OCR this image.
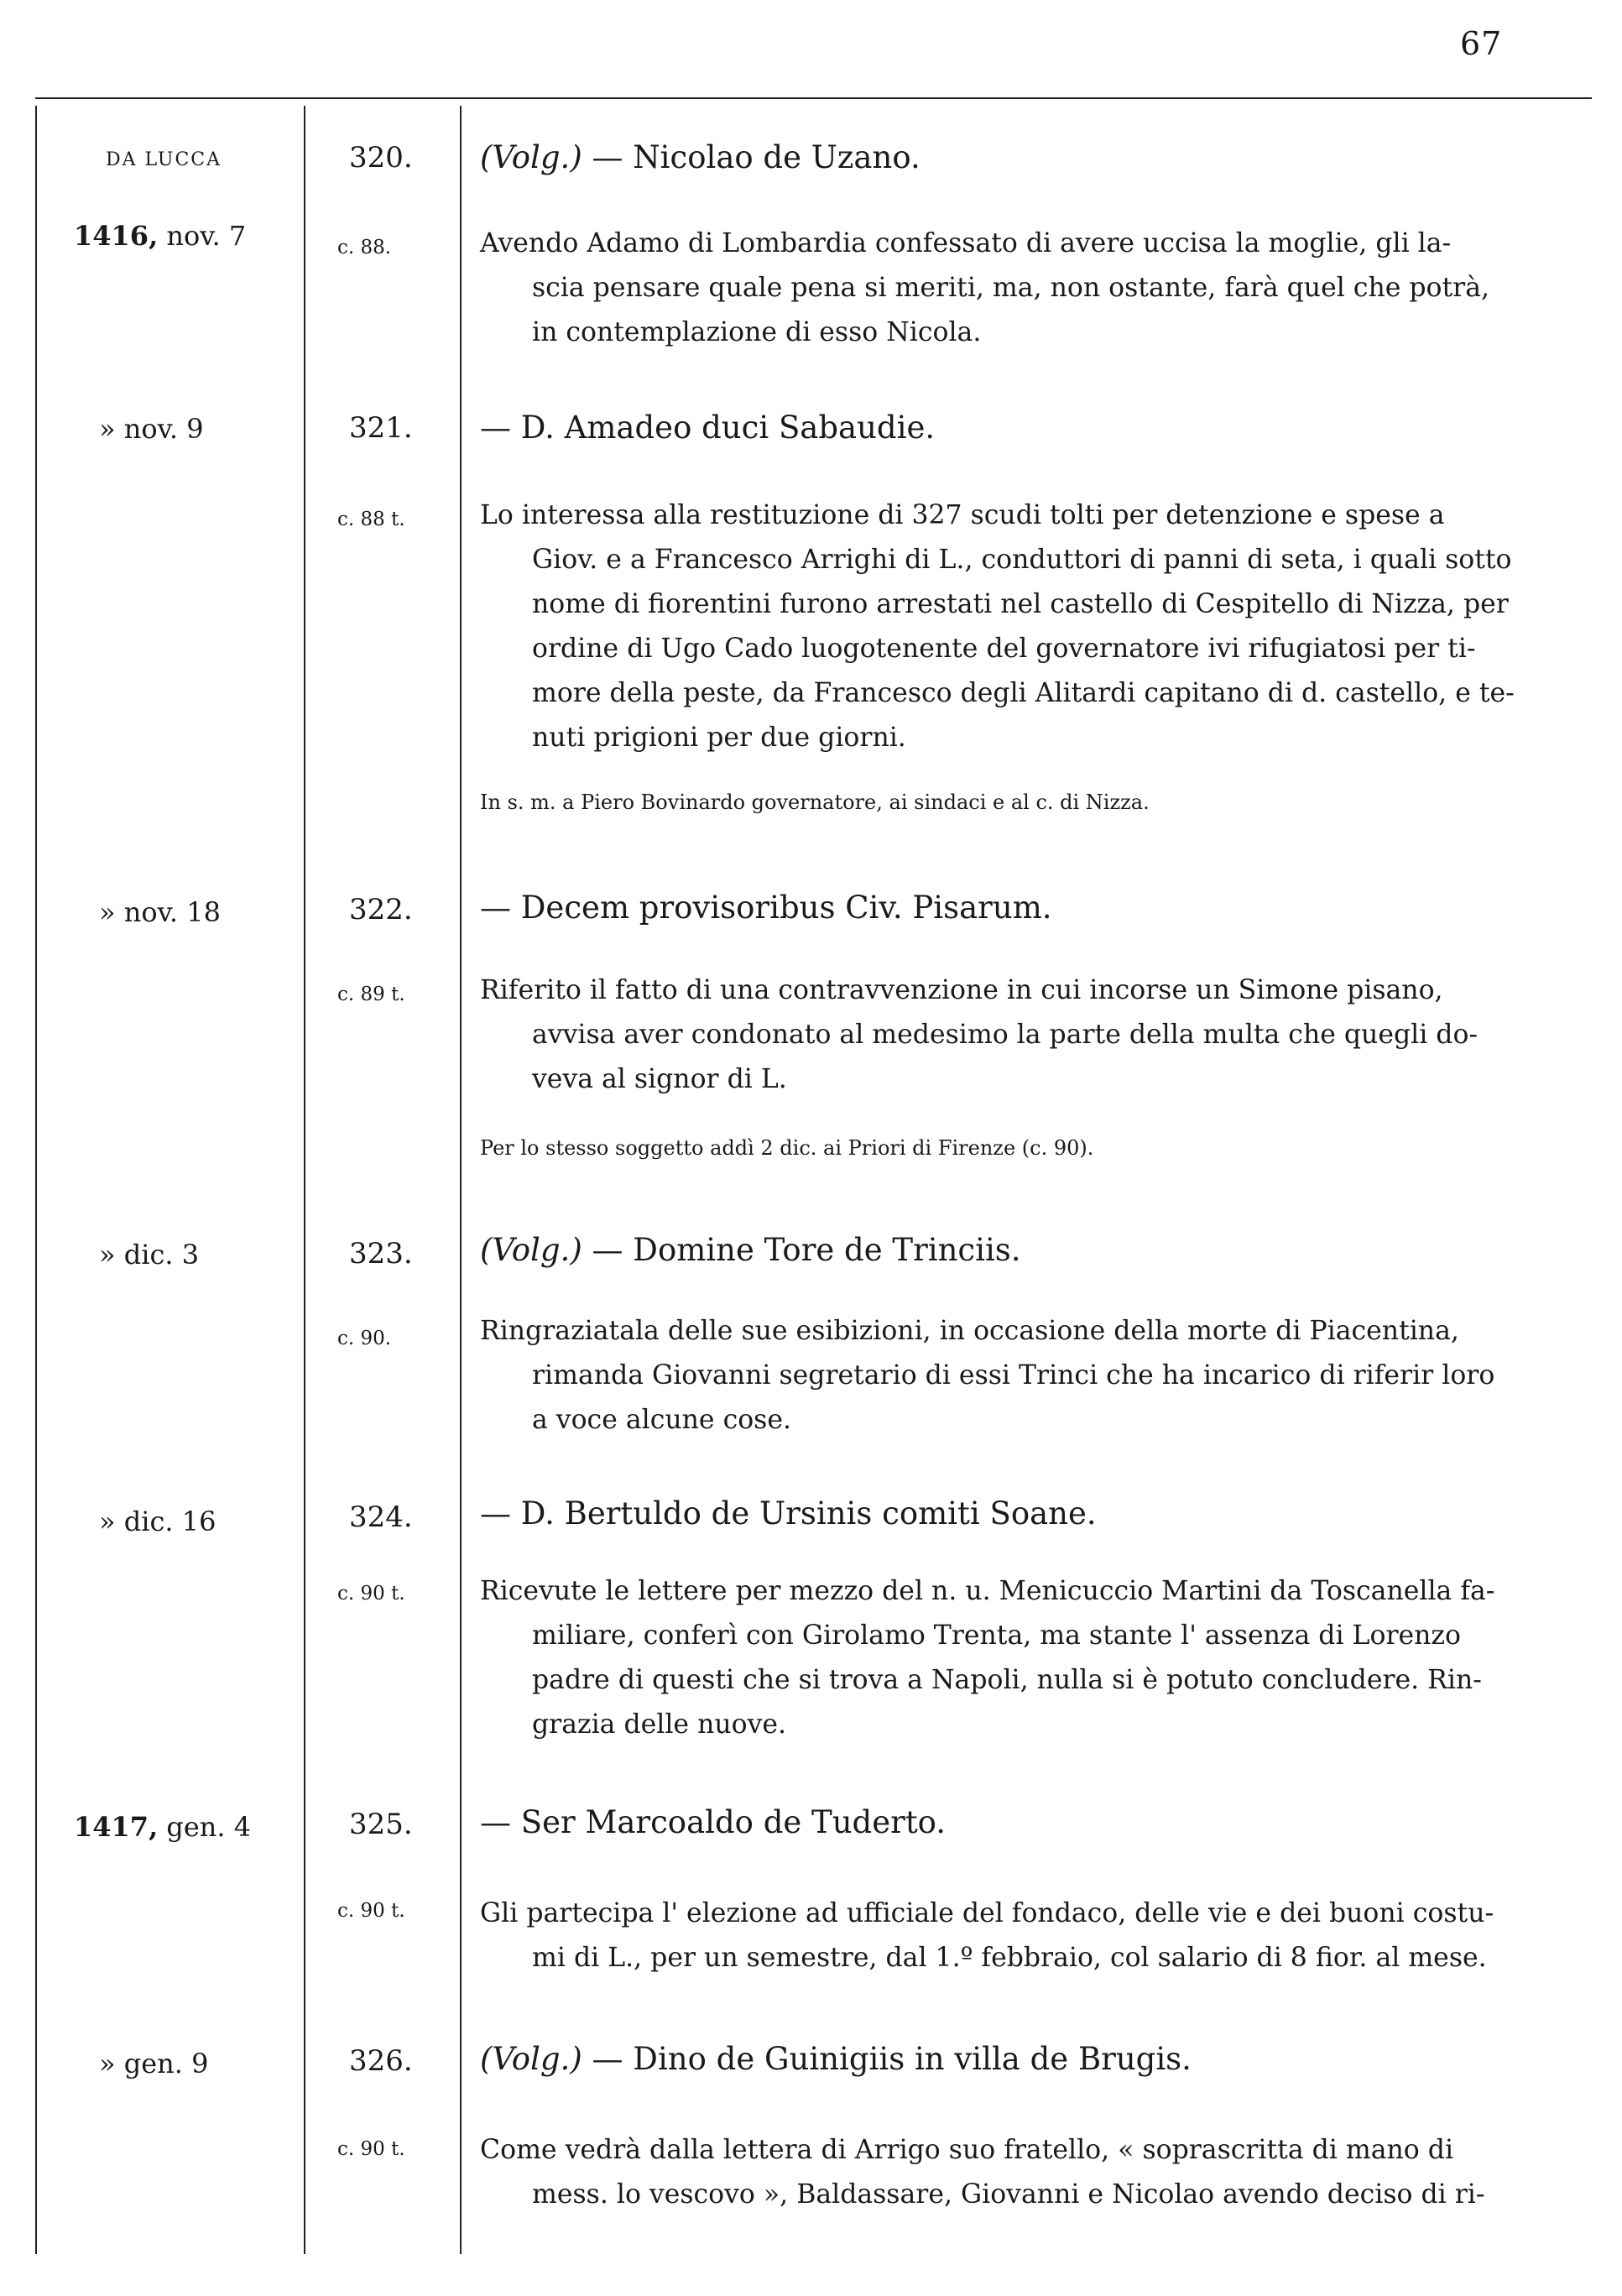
67
DA LUCCA
1416, nov. 7
320.
c. 88.
(Volg.) — Nicolao de Uzano.
Avendo Adamo di Lombardia confessato di avere uccisa la moglie, gli la-
scia pensare quale pena si meriti, ma, non ostante, farà quel che potrà,
in contemplazione di esso Nicola.
» nov. 9	321.
c. 88 t.
— D. Amadeo duci Sabaudie.
Lo interessa alla restituzione di 327 scudi tolti per detenzione e spese a
Giov. e a Francesco Arrighi di L., conduttori di panni di seta, i quali sotto
nome di fiorentini furono arrestati nel castello di Cespitello di Nizza, per
ordine di Ugo Cado luogotenente del governatore ivi rifugiatosi per ti-
more della peste, da Francesco degli Alitardi capitano di d. castello, e te-
nuti prigioni per due giorni.
In s. m. a Piero Bovinardo governatore, ai sindaci e al c. di Nizza.
» nov. 18	322.
c. 89 t.
— Decem provisoribus Civ. Pisarum.
Riferito il fatto di una contravvenzione in cui incorse un Simone pisano,
avvisa aver condonato al medesimo la parte della multa che quegli do-
veva al signor di L.
Per lo stesso soggetto addì 2 dic. ai Priori di Firenze (c. 90).
» dic. 3	323.
c. 90.
(Volg.) — Domine Tore de Trinciis.
Ringraziatala delle sue esibizioni, in occasione della morte di Piacentina,
rimanda Giovanni segretario di essi Trinci che ha incarico di riferir loro
a voce alcune cose.
» dic. 16	324.
c. 90 t.
— D. Bertuldo de Ursinis comiti Soane.
Ricevute le lettere per mezzo del n. u. Menicuccio Martini da Toscanella fa-
miliare, conferì con Girolamo Trenta, ma stante l' assenza di Lorenzo
padre di questi che si trova a Napoli, nulla si è potuto concludere. Rin-
grazia delle nuove.
1417, gen. 4	325.
c. 90 t.
— Ser Marcoaldo de Tuderto.
Gli partecipa l' elezione ad ufficiale del fondaco, delle vie e dei buoni costu-
mi di L., per un semestre, dal 1.º febbraio, col salario di 8 fior. al mese.
» gen. 9	326.
c. 90 t.
(Volg.) — Dino de Guinigiis in villa de Brugis.
Come vedrà dalla lettera di Arrigo suo fratello, « soprascritta di mano di
mess. lo vescovo », Baldassare, Giovanni e Nicolao avendo deciso di ri-
